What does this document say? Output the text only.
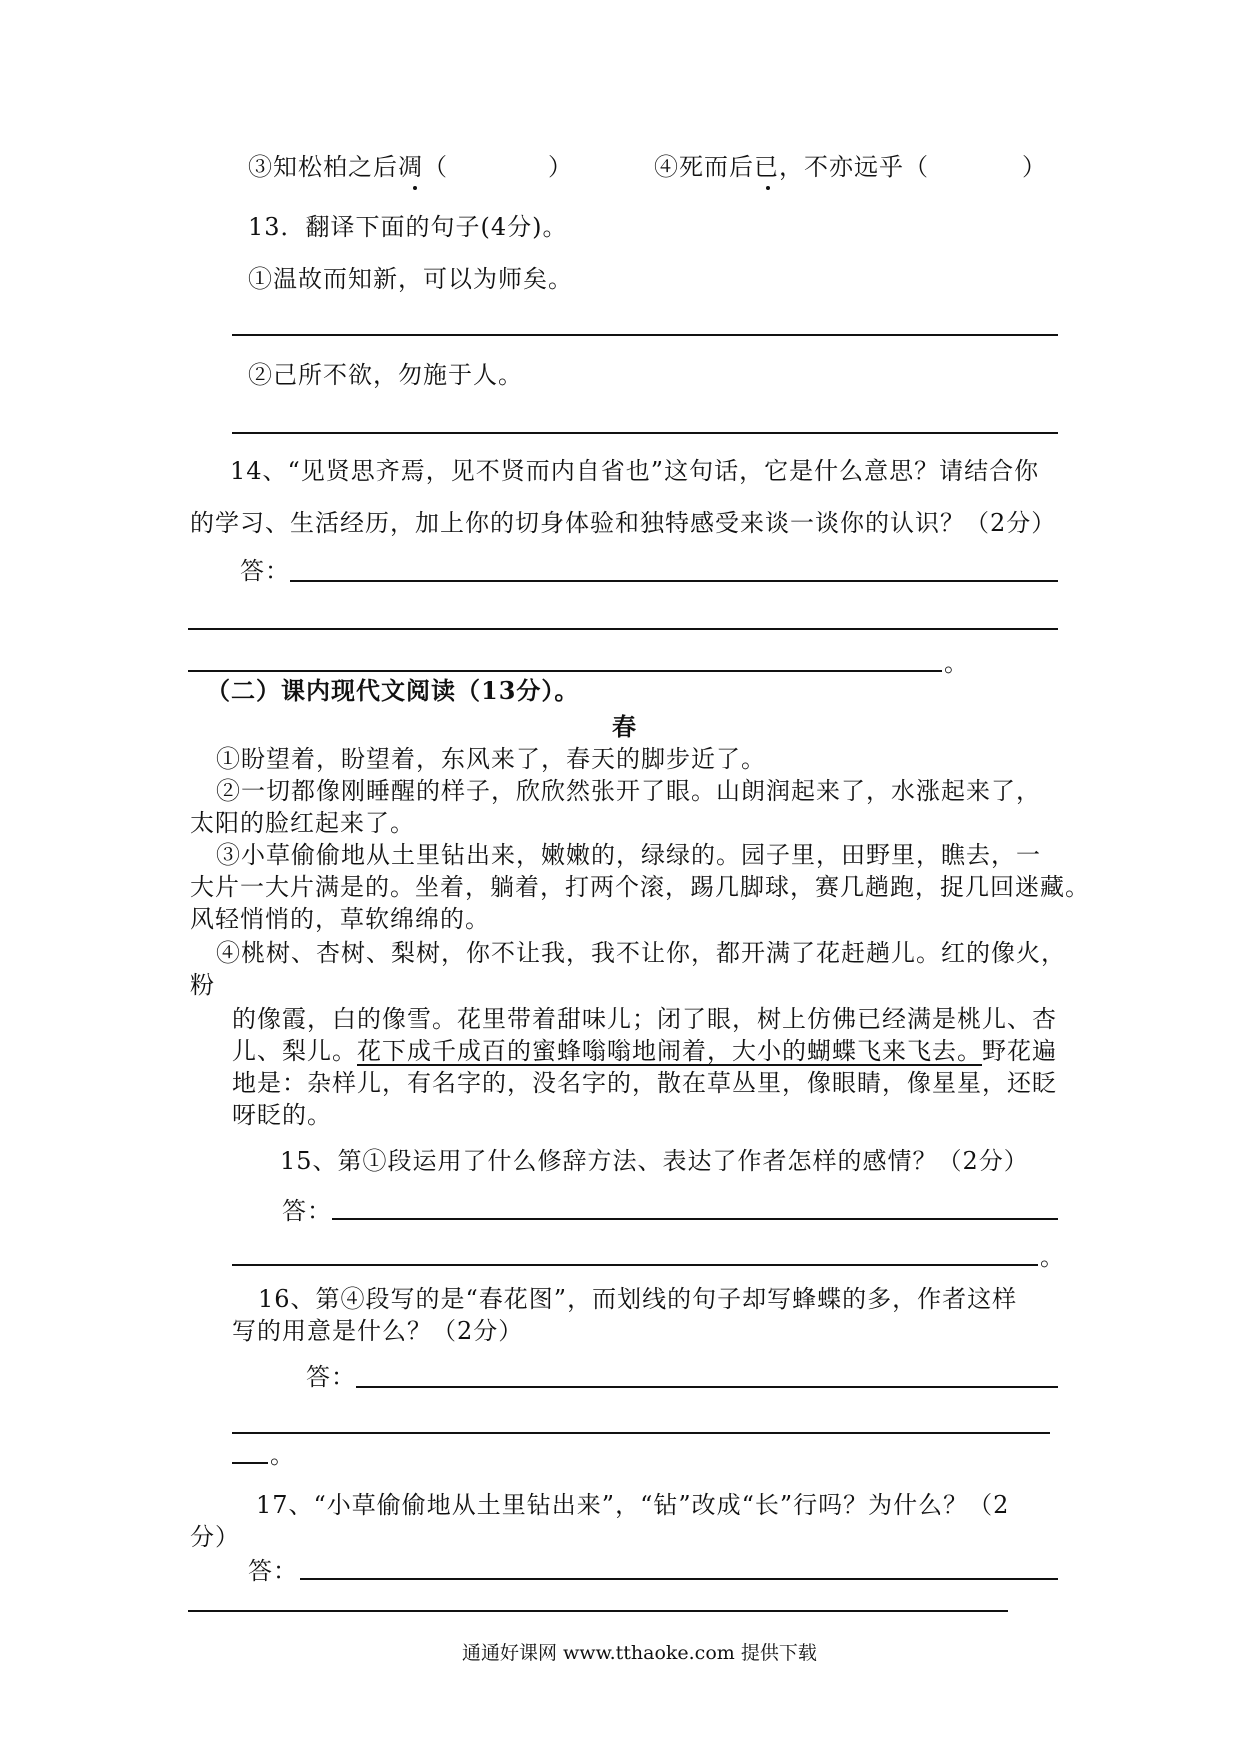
③知松柏之后凋（	）	④死而后已，不亦远乎（	）
13．翻译下面的句子(4分)。
①温故而知新，可以为师矣。
②己所不欲，勿施于人。
14、“见贤思齐焉，见不贤而内自省也”这句话，它是什么意思？请结合你
的学习、生活经历，加上你的切身体验和独特感受来谈一谈你的认识？（2分）
答：
。
（二）课内现代文阅读（13分）。
春
①盼望着，盼望着，东风来了，春天的脚步近了。
②一切都像刚睡醒的样子，欣欣然张开了眼。山朗润起来了，水涨起来了，
太阳的脸红起来了。
③小草偷偷地从土里钻出来，嫩嫩的，绿绿的。园子里，田野里，瞧去，一
大片一大片满是的。坐着，躺着，打两个滚，踢几脚球，赛几趟跑，捉几回迷藏。
风轻悄悄的，草软绵绵的。
④桃树、杏树、梨树，你不让我，我不让你，都开满了花赶趟儿。红的像火，
粉
的像霞，白的像雪。花里带着甜味儿；闭了眼，树上仿佛已经满是桃儿、杏
儿、梨儿。花下成千成百的蜜蜂嗡嗡地闹着，大小的蝴蝶飞来飞去。野花遍
地是：杂样儿，有名字的，没名字的，散在草丛里，像眼睛，像星星，还眨
呀眨的。
15、第①段运用了什么修辞方法、表达了作者怎样的感情？（2分）
答：
。
16、第④段写的是“春花图”，而划线的句子却写蜂蝶的多，作者这样
写的用意是什么？（2分）
答：
。
17、“小草偷偷地从土里钻出来”，“钻”改成“长”行吗？为什么？（2
分）
答：
通通好课网 www.tthaoke.com 提供下载
